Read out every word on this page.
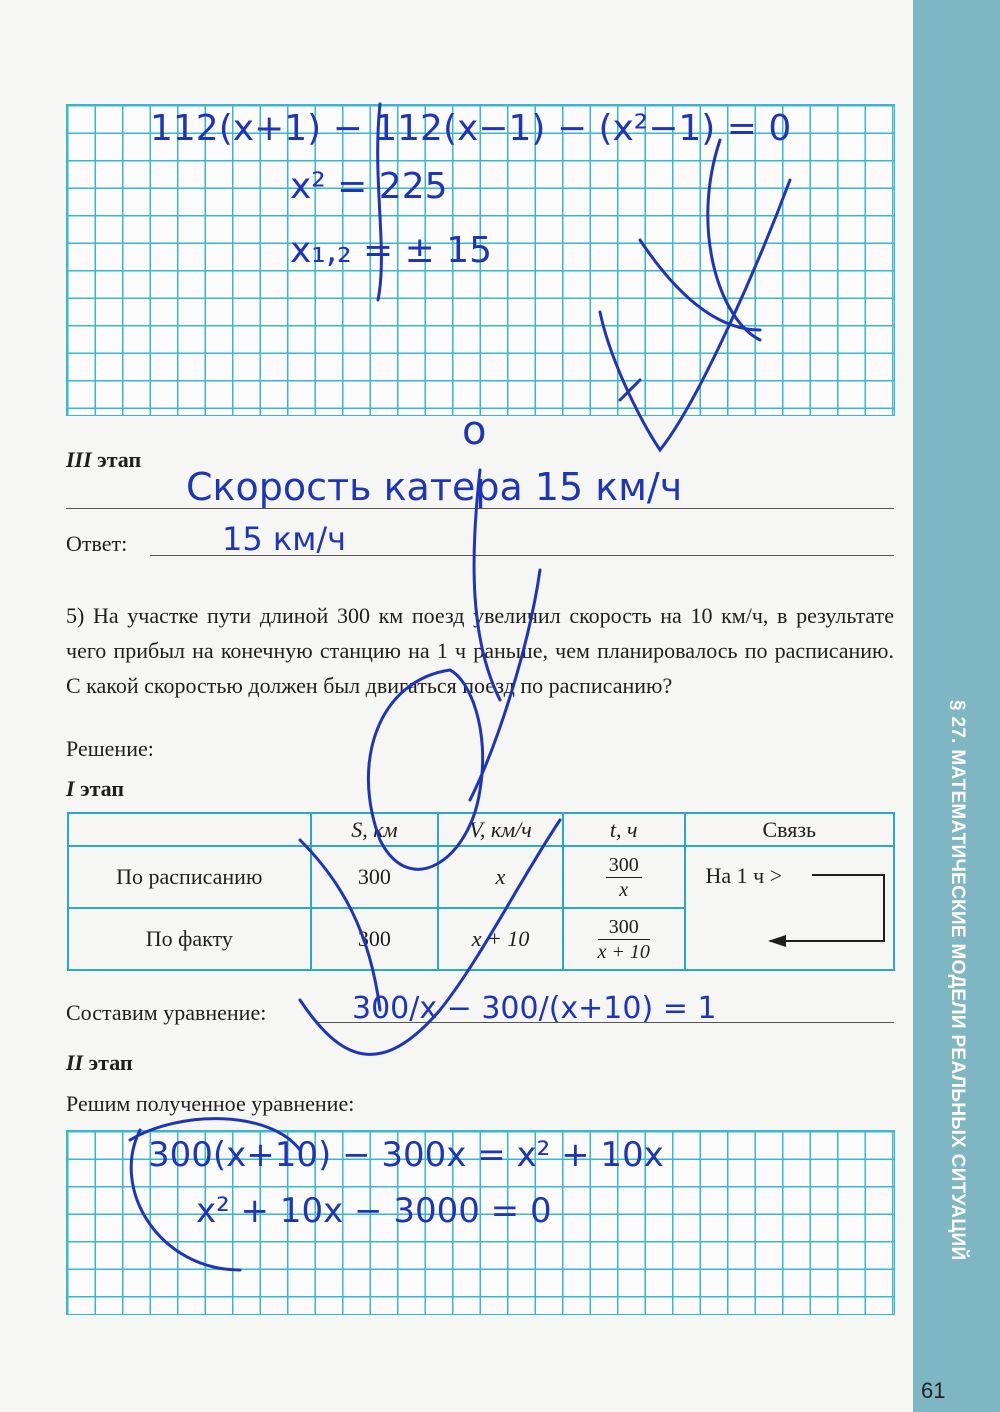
III этап
Ответ:
5) На участке пути длиной 300 км поезд увеличил скорость на 10 км/ч, в результате чего прибыл на конечную станцию на 1 ч раньше, чем планировалось по расписанию. С какой скоростью должен был двигаться поезд по расписанию?
Решение:
I этап
	S, км	V, км/ч	t, ч	Связь
По расписанию	300	x	$\frac{300}{x}$	На 1 ч >
По факту	300	x + 10	$\frac{300}{x + 10}$
Составим уравнение:
II этап
Решим полученное уравнение:	§ 27. МАТЕМАТИЧЕСКИЕ МОДЕЛИ РЕАЛЬНЫХ СИТУАЦИЙ
61
112(x+1) − 112(x−1) − (x²−1) = 0
x² = 225
x₁,₂ = ± 15
o
Скорость катера 15 км/ч
15 км/ч
300/x − 300/(x+10) = 1
300(x+10) − 300x = x² + 10x
x² + 10x − 3000 = 0
